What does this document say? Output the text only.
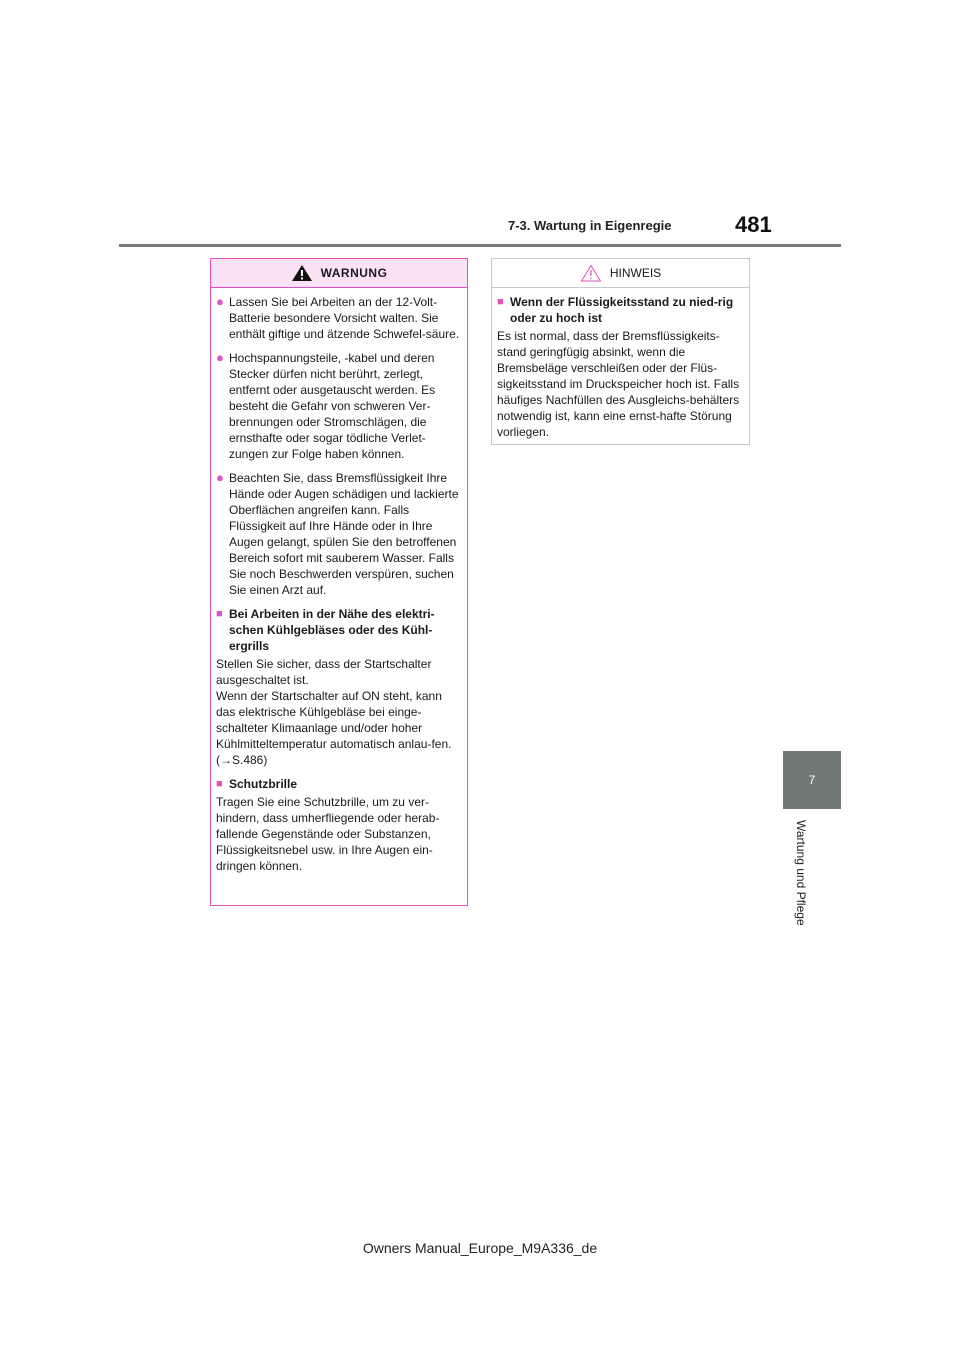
7-3. Wartung in Eigenregie	481
7
Wartung und Pflege
WARNUNG
● Lassen Sie bei Arbeiten an der 12-Volt-Batterie besondere Vorsicht walten. Sie enthält giftige und ätzende Schwefel-säure.
● Hochspannungsteile, -kabel und deren Stecker dürfen nicht berührt, zerlegt, entfernt oder ausgetauscht werden. Es besteht die Gefahr von schweren Ver-brennungen oder Stromschlägen, die ernsthafte oder sogar tödliche Verlet-zungen zur Folge haben können.
● Beachten Sie, dass Bremsflüssigkeit Ihre Hände oder Augen schädigen und lackierte Oberflächen angreifen kann. Falls Flüssigkeit auf Ihre Hände oder in Ihre Augen gelangt, spülen Sie den betroffenen Bereich sofort mit sauberem Wasser. Falls Sie noch Beschwerden verspüren, suchen Sie einen Arzt auf.
■ Bei Arbeiten in der Nähe des elektri-schen Kühlgebläses oder des Kühl-ergrills

Stellen Sie sicher, dass der Startschalter ausgeschaltet ist.

Wenn der Startschalter auf ON steht, kann das elektrische Kühlgebläse bei einge-schalteter Klimaanlage und/oder hoher Kühlmitteltemperatur automatisch anlau-fen. (→S.486)

■ Schutzbrille

Tragen Sie eine Schutzbrille, um zu ver-hindern, dass umherfliegende oder herab-fallende Gegenstände oder Substanzen, Flüssigkeitsnebel usw. in Ihre Augen ein-dringen können.

HINWEIS
■ Wenn der Flüssigkeitsstand zu nied-rig oder zu hoch ist

Es ist normal, dass der Bremsflüssigkeits-stand geringfügig absinkt, wenn die Bremsbeläge verschleißen oder der Flüs-sigkeitsstand im Druckspeicher hoch ist. Falls häufiges Nachfüllen des Ausgleichs-behälters notwendig ist, kann eine ernst-hafte Störung vorliegen.

Owners Manual_Europe_M9A336_de
